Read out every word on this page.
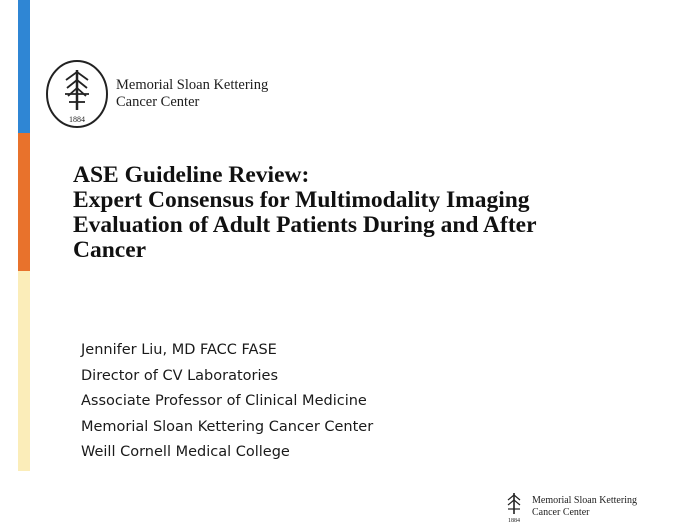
1884
Memorial Sloan Kettering
Cancer Center
ASE Guideline Review:
Expert Consensus for Multimodality Imaging
Evaluation of Adult Patients During and After
Cancer
Jennifer Liu, MD FACC FASE
Director of CV Laboratories
Associate Professor of Clinical Medicine
Memorial Sloan Kettering Cancer Center
Weill Cornell Medical College
1884
Memorial Sloan Kettering
Cancer Center
